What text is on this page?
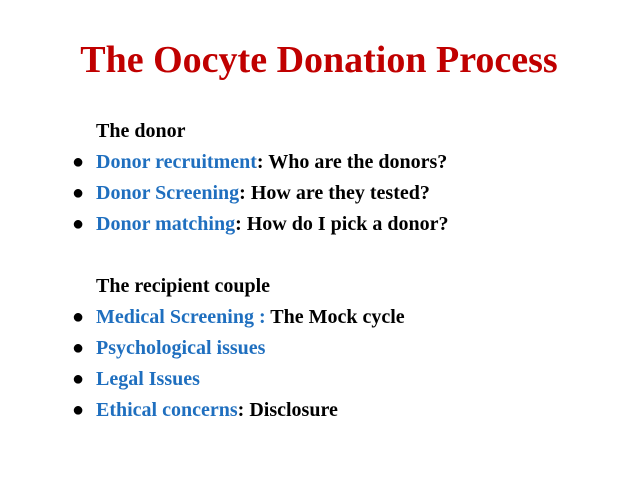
The Oocyte Donation Process
The donor
● Donor recruitment: Who are the donors?
● Donor Screening: How are they tested?
● Donor matching: How do I pick a donor?
The recipient couple
● Medical Screening : The Mock cycle
● Psychological issues
● Legal Issues
● Ethical concerns: Disclosure
